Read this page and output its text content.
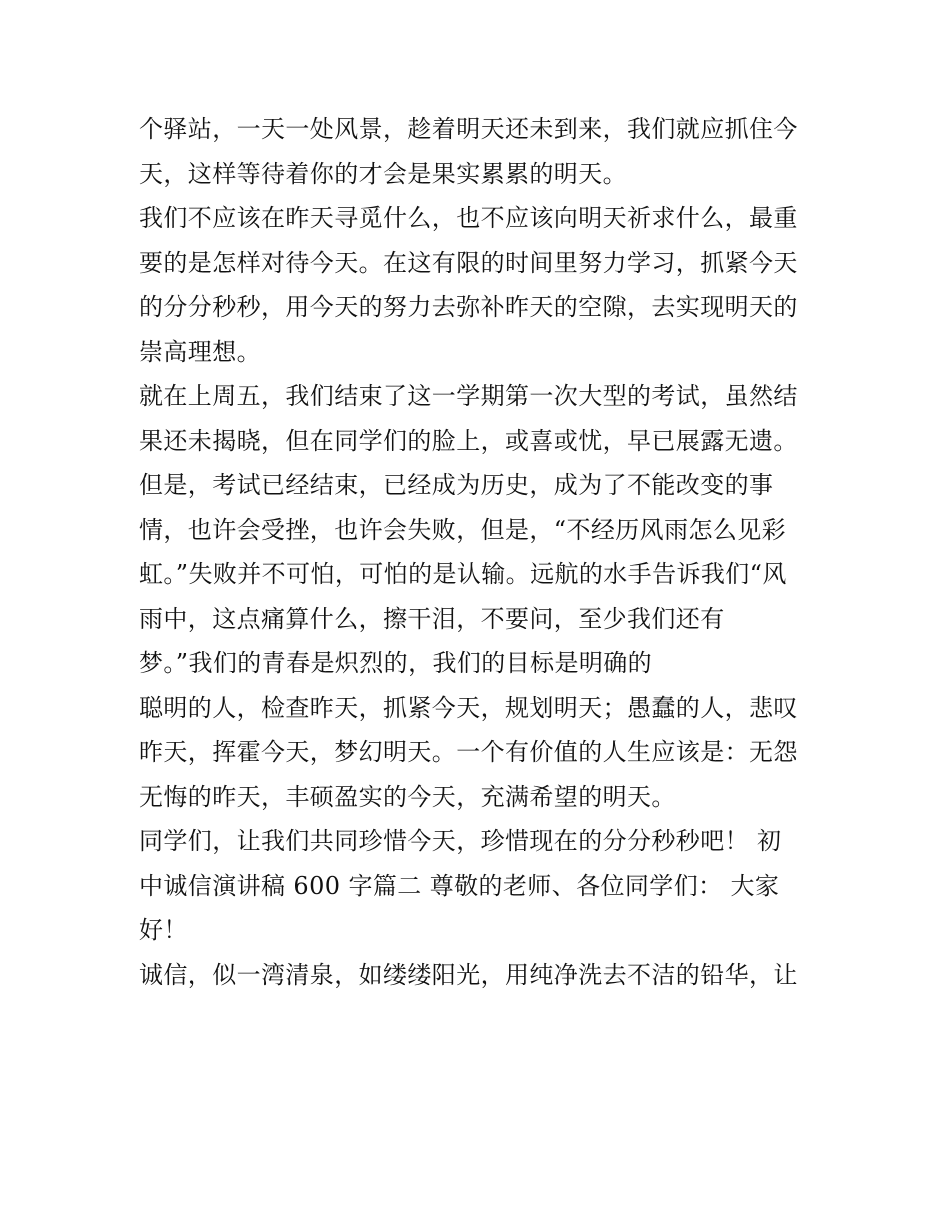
个驿站，一天一处风景，趁着明天还未到来，我们就应抓住今
天，这样等待着你的才会是果实累累的明天。
我们不应该在昨天寻觅什么，也不应该向明天祈求什么，最重
要的是怎样对待今天。在这有限的时间里努力学习，抓紧今天
的分分秒秒，用今天的努力去弥补昨天的空隙，去实现明天的
崇高理想。
就在上周五，我们结束了这一学期第一次大型的考试，虽然结
果还未揭晓，但在同学们的脸上，或喜或忧，早已展露无遗。
但是，考试已经结束，已经成为历史，成为了不能改变的事
情，也许会受挫，也许会失败，但是，“不经历风雨怎么见彩
虹。”失败并不可怕，可怕的是认输。远航的水手告诉我们“风
雨中，这点痛算什么，擦干泪，不要问，至少我们还有
梦。”我们的青春是炽烈的，我们的目标是明确的
聪明的人，检查昨天，抓紧今天，规划明天；愚蠢的人，悲叹
昨天，挥霍今天，梦幻明天。一个有价值的人生应该是：无怨
无悔的昨天，丰硕盈实的今天，充满希望的明天。
同学们，让我们共同珍惜今天，珍惜现在的分分秒秒吧！ 初
中诚信演讲稿 600 字篇二 尊敬的老师、各位同学们： 大家
好！
诚信，似一湾清泉，如缕缕阳光，用纯净洗去不洁的铅华，让
